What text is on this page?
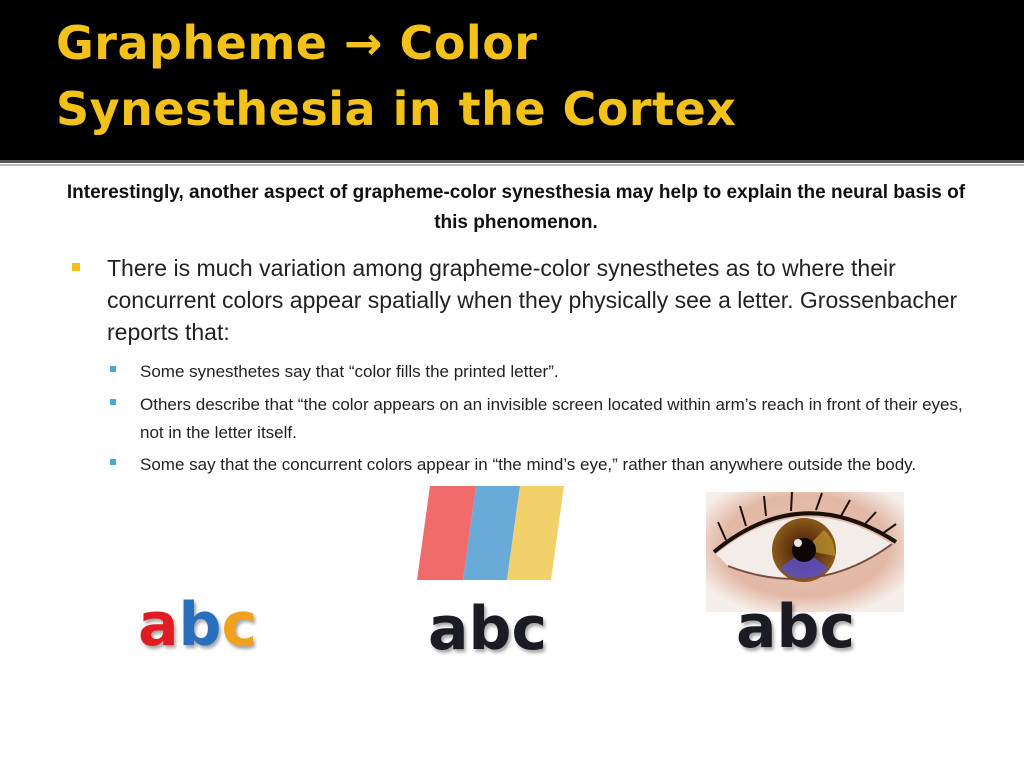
Grapheme → Color
Synesthesia in the Cortex
Interestingly, another aspect of grapheme-color synesthesia may help to explain the neural basis of this phenomenon.
There is much variation among grapheme-color synesthetes as to where their concurrent colors appear spatially when they physically see a letter. Grossenbacher reports that:
Some synesthetes say that “color fills the printed letter”.
Others describe that “the color appears on an invisible screen located within arm’s reach in front of their eyes, not in the letter itself.
Some say that the concurrent colors appear in “the mind’s eye,” rather than anywhere outside the body.
abc	abc	abc
